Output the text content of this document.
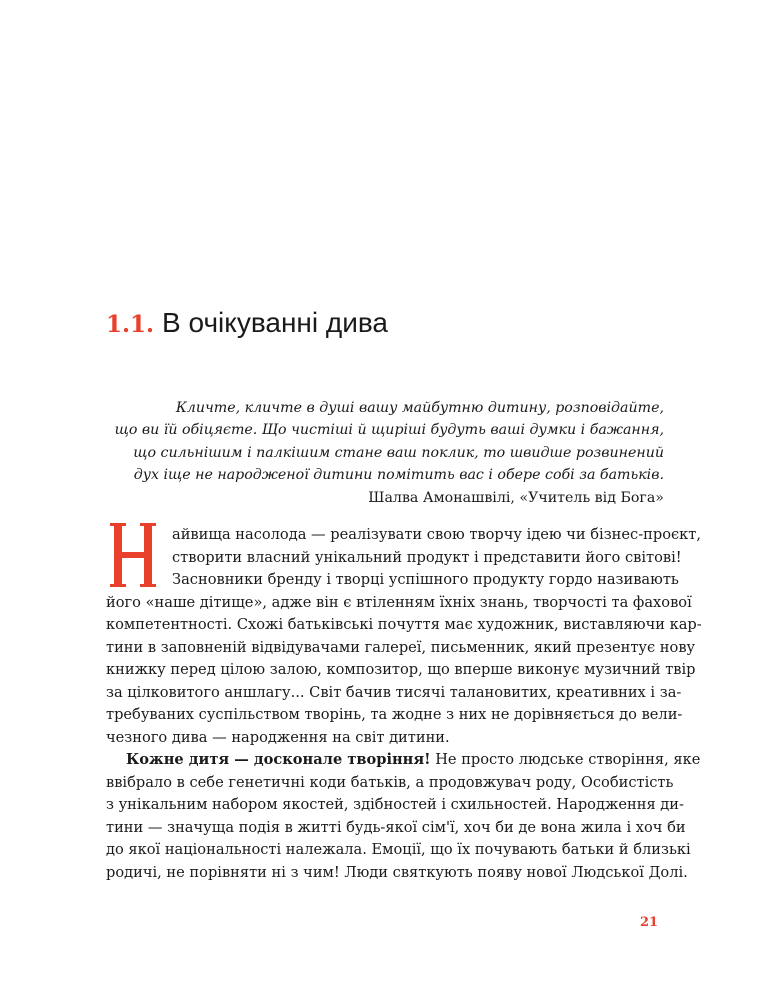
1.1. В очікуванні дива
Кличте, кличте в душі вашу майбутню дитину, розповідайте,
що ви їй обіцяєте. Що чистіші й щиріші будуть ваші думки і бажання,
що сильнішим і палкішим стане ваш поклик, то швидше розвинений
дух іще не народженої дитини помітить вас і обере собі за батьків.
Шалва Амонашвілі, «Учитель від Бога»
айвища насолода — реалізувати свою творчу ідею чи бізнес-проєкт,
створити власний унікальний продукт і представити його світові!
Засновники бренду і творці успішного продукту гордо називають
його «наше дітище», адже він є втіленням їхніх знань, творчості та фахової
компетентності. Схожі батьківські почуття має художник, виставляючи кар-
тини в заповненій відвідувачами галереї, письменник, який презентує нову
книжку перед цілою залою, композитор, що вперше виконує музичний твір
за цілковитого аншлагу... Світ бачив тисячі талановитих, креативних і за-
требуваних суспільством творінь, та жодне з них не дорівняється до вели-
чезного дива — народження на світ дитини.
Кожне дитя — досконале творіння! Не просто людське створіння, яке
ввібрало в себе генетичні коди батьків, а продовжувач роду, Особистість
з унікальним набором якостей, здібностей і схильностей. Народження ди-
тини — значуща подія в житті будь-якої сім'ї, хоч би де вона жила і хоч би
до якої національності належала. Емоції, що їх почувають батьки й близькі
родичі, не порівняти ні з чим! Люди святкують появу нової Людської Долі.
21
